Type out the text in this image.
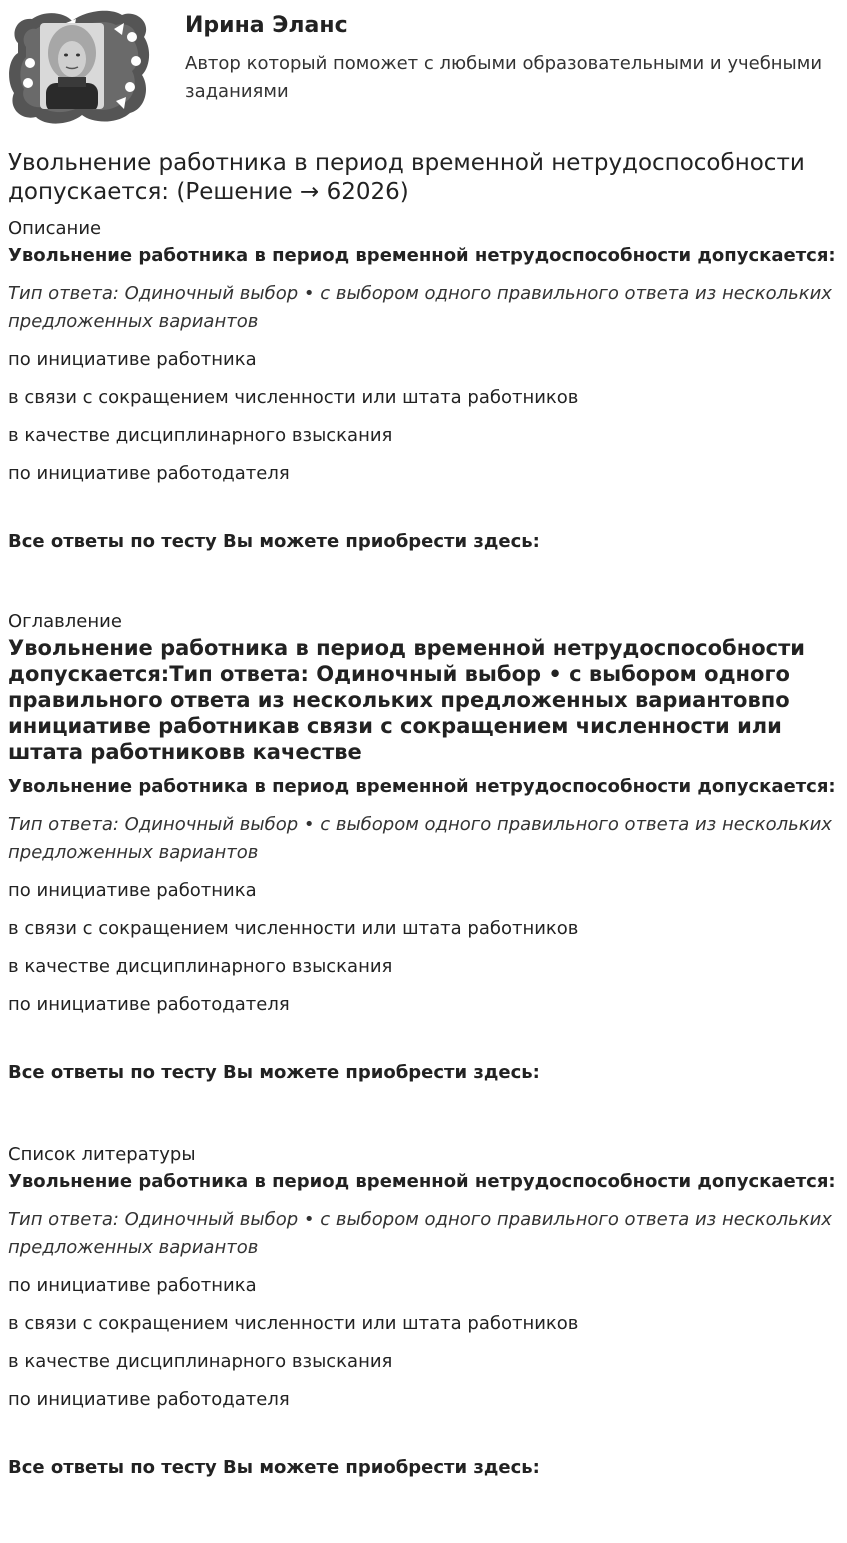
Ирина Эланс

Автор который поможет с любыми образовательными и учебными заданиями

Увольнение работника в период временной нетрудоспособности допускается: (Решение → 62026)

Описание

Увольнение работника в период временной нетрудоспособности допускается:

Тип ответа: Одиночный выбор • с выбором одного правильного ответа из нескольких предложенных вариантов

по инициативе работника

в связи с сокращением численности или штата работников

в качестве дисциплинарного взыскания

по инициативе работодателя

Все ответы по тесту Вы можете приобрести здесь:

Оглавление

Увольнение работника в период временной нетрудоспособности допускается:Тип ответа: Одиночный выбор • с выбором одного правильного ответа из нескольких предложенных вариантовпо инициативе работникав связи с сокращением численности или штата работниковв качестве

Увольнение работника в период временной нетрудоспособности допускается:

Тип ответа: Одиночный выбор • с выбором одного правильного ответа из нескольких предложенных вариантов

по инициативе работника

в связи с сокращением численности или штата работников

в качестве дисциплинарного взыскания

по инициативе работодателя

Все ответы по тесту Вы можете приобрести здесь:

Список литературы

Увольнение работника в период временной нетрудоспособности допускается:

Тип ответа: Одиночный выбор • с выбором одного правильного ответа из нескольких предложенных вариантов

по инициативе работника

в связи с сокращением численности или штата работников

в качестве дисциплинарного взыскания

по инициативе работодателя

Все ответы по тесту Вы можете приобрести здесь:
